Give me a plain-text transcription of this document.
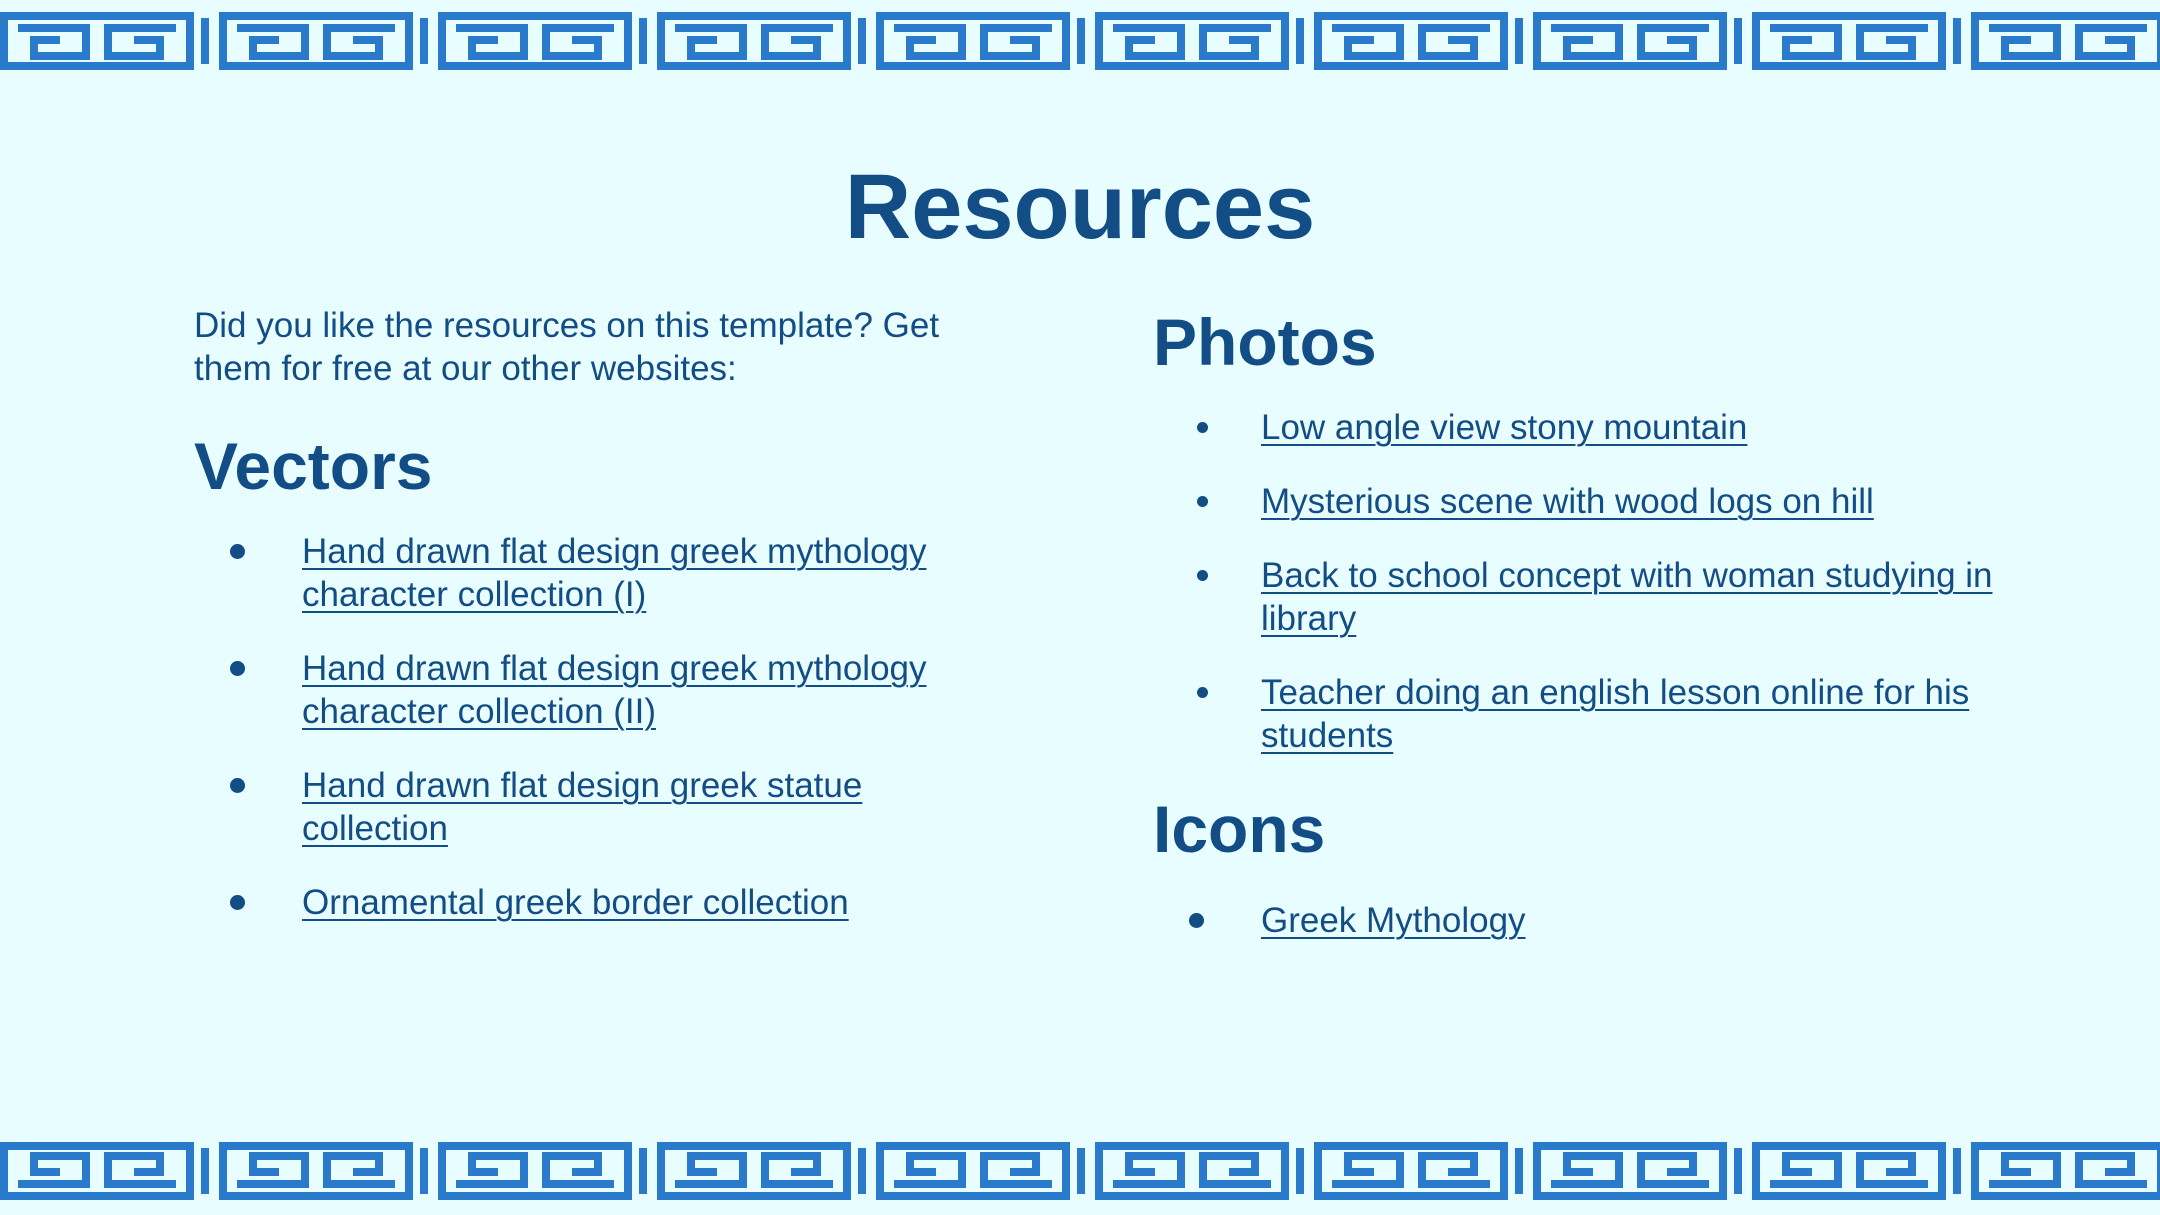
Resources

Did you like the resources on this template? Get them for free at our other websites:

Vectors
Hand drawn flat design greek mythology character collection (I)
Hand drawn flat design greek mythology character collection (II)
Hand drawn flat design greek statue collection
Ornamental greek border collection
Photos
Low angle view stony mountain
Mysterious scene with wood logs on hill
Back to school concept with woman studying in library
Teacher doing an english lesson online for his students
Icons
Greek Mythology
